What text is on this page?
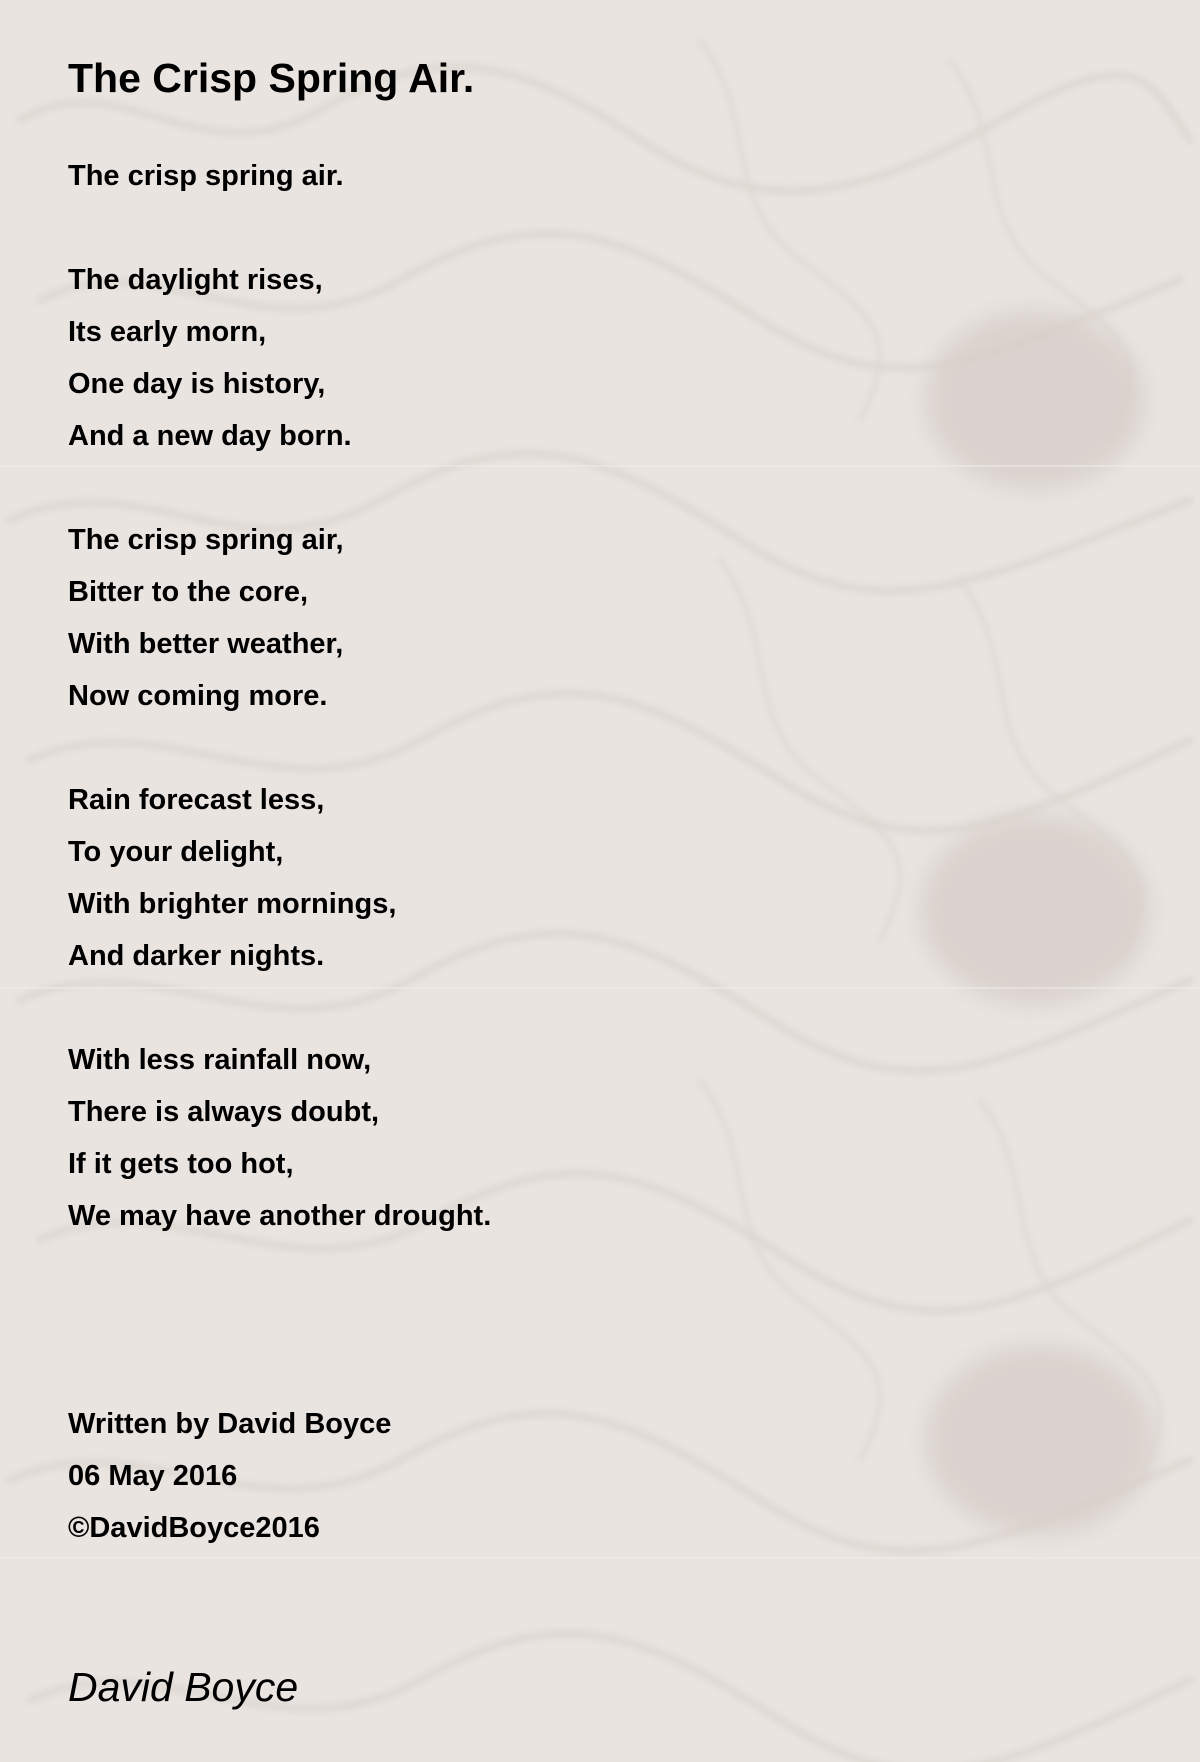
The Crisp Spring Air.
The crisp spring air.
The daylight rises,
Its early morn,
One day is history,
And a new day born.
The crisp spring air,
Bitter to the core,
With better weather,
Now coming more.
Rain forecast less,
To your delight,
With brighter mornings,
And darker nights.
With less rainfall now,
There is always doubt,
If it gets too hot,
We may have another drought.
Written by David Boyce
06 May 2016
©DavidBoyce2016
David Boyce
